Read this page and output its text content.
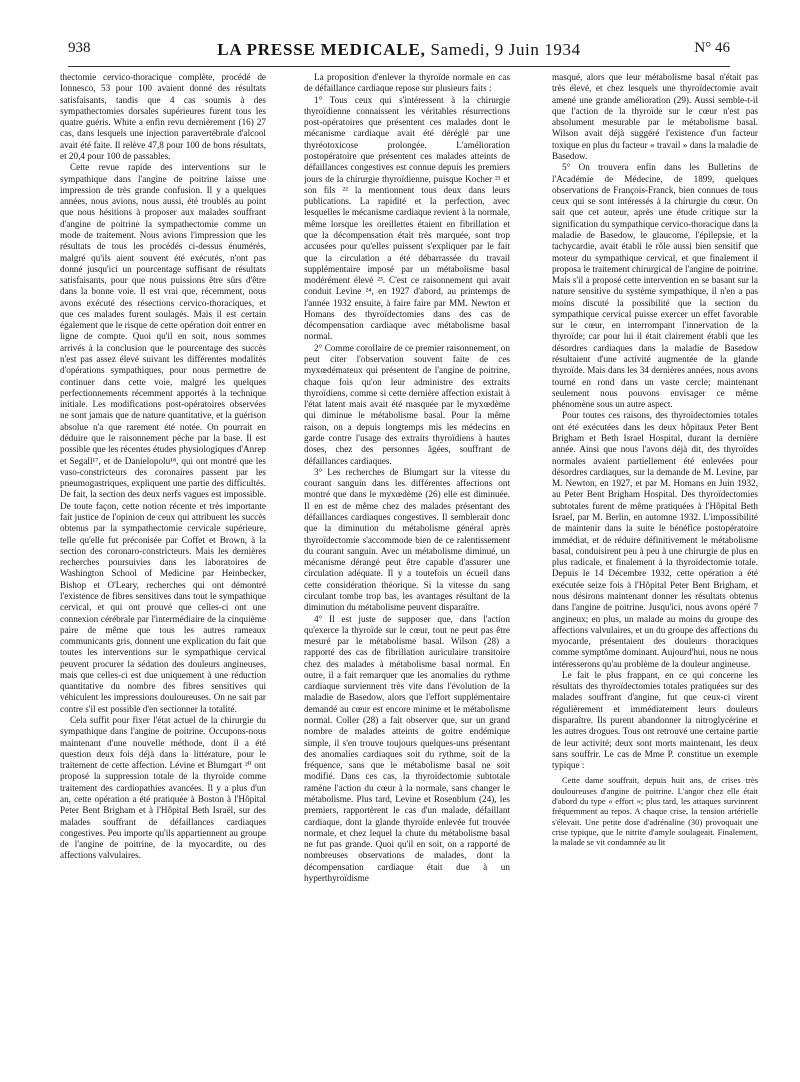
938	LA PRESSE MEDICALE, Samedi, 9 Juin 1934	N° 46

thectomie cervico-thoracique complète, procédé de Ionnesco, 53 pour 100 avaient donné des résultats satisfaisants, tandis que 4 cas soumis à des sympathectomies dorsales supérieures furent tous les quatre guéris. White a enfin revu dernièrement (16) 27 cas, dans lesquels une injection paravertébrale d'alcool avait été faite. Il relève 47,8 pour 100 de bons résultats, et 20,4 pour 100 de passables.

Cette revue rapide des interventions sur le sympathique dans l'angine de poitrine laisse une impression de très grande confusion. Il y a quelques années, nous avions, nous aussi, été troublés au point que nous hésitions à proposer aux malades souffrant d'angine de poitrine la sympathectomie comme un mode de traitement. Nous avions l'impression que les résultats de tous les procédés ci-dessus énumérés, malgré qu'ils aient souvent été exécutés, n'ont pas donné jusqu'ici un pourcentage suffisant de résultats satisfaisants, pour que nous puissions être sûrs d'être dans la bonne voie. Il est vrai que, récemment, nous avons exécuté des résections cervico-thoraciques, et que ces malades furent soulagés. Mais il est certain également que le risque de cette opération doit entrer en ligne de compte. Quoi qu'il en soit, nous sommes arrivés à la conclusion que le pourcentage des succès n'est pas assez élevé suivant les différentes modalités d'opérations sympathiques, pour nous permettre de continuer dans cette voie, malgré les quelques perfectionnements récemment apportés à la technique initiale. Les modifications post-opératoires observées ne sont jamais que de nature quantitative, et la guérison absolue n'a que rarement été notée. On pourrait en déduire que le raisonnement pèche par la base. Il est possible que les récentes études physiologiques d'Anrep et Segall¹⁷, et de Danielopolu¹⁸, qui ont montré que les vaso-constricteurs des coronaires passent par les pneumogastriques, expliquent une partie des difficultés. De fait, la section des deux nerfs vagues est impossible. De toute façon, cette notion récente et très importante fait justice de l'opinion de ceux qui attribuent les succès obtenus par la sympathectomie cervicale supérieure, telle qu'elle fut préconisée par Coffet et Brown, à la section des coronaro-constricteurs. Mais les dernières recherches poursuivies dans les laboratoires de Washington School of Medicine par Heinbecker, Bishop et O'Leary, recherches qui ont démontré l'existence de fibres sensitives dans tout le sympathique cervical, et qui ont prouvé que celles-ci ont une connexion cérébrale par l'intermédiaire de la cinquième paire de même que tous les autres rameaux communicants gris, donnent une explication du fait que toutes les interventions sur le sympathique cervical peuvent procurer la sédation des douleurs angineuses, mais que celles-ci est due uniquement à une réduction quantitative du nombre des fibres sensitives qui véhiculent les impressions douloureuses. On ne sait par contre s'il est possible d'en sectionner la totalité.

Cela suffit pour fixer l'état actuel de la chirurgie du sympathique dans l'angine de poitrine. Occupons-nous maintenant d'une nouvelle méthode, dont il a été question deux fois déjà dans la littérature, pour le traitement de cette affection. Lévine et Blumgart ²⁰ ont proposé la suppression totale de la thyroïde comme traitement des cardiopathies avancées. Il y a plus d'un an, cette opération a été pratiquée à Boston à l'Hôpital Peter Bent Brigham et à l'Hôpital Beth Israël, sur des malades souffrant de défaillances cardiaques congestives. Peu importe qu'ils appartiennent au groupe de l'angine de poitrine, de la myocardite, ou des affections valvulaires.

La proposition d'enlever la thyroïde normale en cas de défaillance cardiaque repose sur plusieurs faits :

1° Tous ceux qui s'intéressent à la chirurgie thyroïdienne connaissent les véritables résurrections post-opératoires que présentent ces malades dont le mécanisme cardiaque avait été déréglé par une thyréotoxicose prolongée. L'amélioration postopératoire que présentent ces malades atteints de défaillances congestives est connue depuis les premiers jours de la chirurgie thyroïdienne, puisque Kocher ²¹ et son fils ²² la mentionnent tous deux dans leurs publications. La rapidité et la perfection, avec lesquelles le mécanisme cardiaque revient à la normale, même lorsque les oreillettes étaient en fibrillation et que la décompensation était très marquée, sont trop accusées pour qu'elles puissent s'expliquer par le fait que la circulation a été débarrassée du travail supplémentaire imposé par un métabolisme basal modérément élevé ²³. C'est ce raisonnement qui avait conduit Levine ²⁴, en 1927 d'abord, au printemps de l'année 1932 ensuite, à faire faire par MM. Newton et Homans des thyroïdectomies dans des cas de décompensation cardiaque avec métabolisme basal normal.

2° Comme corollaire de ce premier raisonnement, on peut citer l'observation souvent faite de ces myxœdémateux qui présentent de l'angine de poitrine, chaque fois qu'on leur administre des extraits thyroïdiens, comme si cette dernière affection existait à l'état latent mais avait été masquée par le myxœdème qui diminue le métabolisme basal. Pour la même raison, on a depuis longtemps mis les médecins en garde contre l'usage des extraits thyroïdiens à hautes doses, chez des personnes âgées, souffrant de défaillances cardiaques.

3° Les recherches de Blumgart sur la vitesse du courant sanguin dans les différentes affections ont montré que dans le myxœdème (26) elle est diminuée. Il en est de même chez des malades présentant des défaillances cardiaques congestives. Il semblerait donc que la diminution du métabolisme général après thyroïdectomie s'accommode bien de ce ralentissement du courant sanguin. Avec un métabolisme diminué, un mécanisme dérangé peut être capable d'assurer une circulation adéquate. Il y a toutefois un écueil dans cette considération théorique. Si la vitesse du sang circulant tombe trop bas, les avantages résultant de la diminution du métabolisme peuvent disparaître.

4° Il est juste de supposer que, dans l'action qu'exerce la thyroïde sur le cœur, tout ne peut pas être mesuré par le métabolisme basal. Wilson (28) a rapporté des cas de fibrillation auriculaire transitoire chez des malades à métabolisme basal normal. En outre, il a fait remarquer que les anomalies du rythme cardiaque surviennent très vite dans l'évolution de la maladie de Basedow, alors que l'effort supplémentaire demandé au cœur est encore minime et le métabolisme normal. Coller (28) a fait observer que, sur un grand nombre de malades atteints de goitre endémique simple, il s'en trouve toujours quelques-uns présentant des anomalies cardiaques soit du rythme, soit de la fréquence, sans que le métabolisme basal ne soit modifié. Dans ces cas, la thyroïdectomie subtotale ramène l'action du cœur à la normale, sans changer le métabolisme. Plus tard, Levine et Rosenblum (24), les premiers, rapportèrent le cas d'un malade, défaillant cardiaque, dont la glande thyroïde enlevée fut trouvée normale, et chez lequel la chute du métabolisme basal ne fut pas grande. Quoi qu'il en soit, on a rapporté de nombreuses observations de malades, dont la décompensation cardiaque était due à un hyperthyroïdisme

masqué, alors que leur métabolisme basal n'était pas très élevé, et chez lesquels une thyroïdectomie avait amené une grande amélioration (29). Aussi semble-t-il que l'action de la thyroïde sur le cœur n'est pas absolument mesurable par le métabolisme basal. Wilson avait déjà suggéré l'existence d'un facteur toxique en plus du facteur « travail » dans la maladie de Basedow.

5° On trouvera enfin dans les Bulletins de l'Académie de Médecine, de 1899, quelques observations de François-Franck, bien connues de tous ceux qui se sont intéressés à la chirurgie du cœur. On sait que cet auteur, après une étude critique sur la signification du sympathique cervico-thoracique dans la maladie de Basedow, le glaucome, l'épilepsie, et la tachycardie, avait établi le rôle aussi bien sensitif que moteur du sympathique cervical, et que finalement il proposa le traitement chirurgical de l'angine de poitrine. Mais s'il a proposé cette intervention en se basant sur la nature sensitive du système sympathique, il n'en a pas moins discuté la possibilité que la section du sympathique cervical puisse exercer un effet favorable sur le cœur, en interrompant l'innervation de la thyroïde; car pour lui il était clairement établi que les désordres cardiaques dans la maladie de Basedow résultaient d'une activité augmentée de la glande thyroïde. Mais dans les 34 dernières années, nous avons tourné en rond dans un vaste cercle; maintenant seulement nous pouvons envisager ce même phénomène sous un autre aspect.

Pour toutes ces raisons, des thyroïdectomies totales ont été exécutées dans les deux hôpitaux Peter Bent Brigham et Beth Israel Hospital, durant la dernière année. Ainsi que nous l'avons déjà dit, des thyroïdes normales avaient partiellement été enlevées pour désordres cardiaques, sur la demande de M. Levine, par M. Newton, en 1927, et par M. Homans en Juin 1932, au Peter Bent Brigham Hospital. Des thyroïdectomies subtotales furent de même pratiquées à l'Hôpital Beth Israel, par M. Berlin, en automne 1932. L'impossibilité de maintenir dans la suite le bénéfice postopératoire immédiat, et de réduire définitivement le métabolisme basal, conduisirent peu à peu à une chirurgie de plus en plus radicale, et finalement à la thyroïdectomie totale. Depuis le 14 Décembre 1932, cette opération a été exécutée seize fois à l'Hôpital Peter Bent Brigham, et nous désirons maintenant donner les résultats obtenus dans l'angine de poitrine. Jusqu'ici, nous avons opéré 7 angineux; en plus, un malade au moins du groupe des affections valvulaires, et un du groupe des affections du myocarde, présentaient des douleurs thoraciques comme symptôme dominant. Aujourd'hui, nous ne nous intéresserons qu'au problème de la douleur angineuse.

Le fait le plus frappant, en ce qui concerne les résultats des thyroïdectomies totales pratiquées sur des malades souffrant d'angine, fut que ceux-ci virent régulièrement et immédiatement leurs douleurs disparaître. Ils purent abandonner la nitroglycérine et les autres drogues. Tous ont retrouvé une certaine partie de leur activité; deux sont morts maintenant, les deux sans souffrir. Le cas de Mme P. constitue un exemple typique :

Cette dame souffrait, depuis huit ans, de crises très douloureuses d'angine de poitrine. L'angor chez elle était d'abord du type « effort »; plus tard, les attaques survinrent fréquemment au repos. A chaque crise, la tension artérielle s'élevait. Une petite dose d'adrénaline (30) provoquait une crise typique, que le nitrite d'amyle soulageait. Finalement, la malade se vit condamnée au lit
